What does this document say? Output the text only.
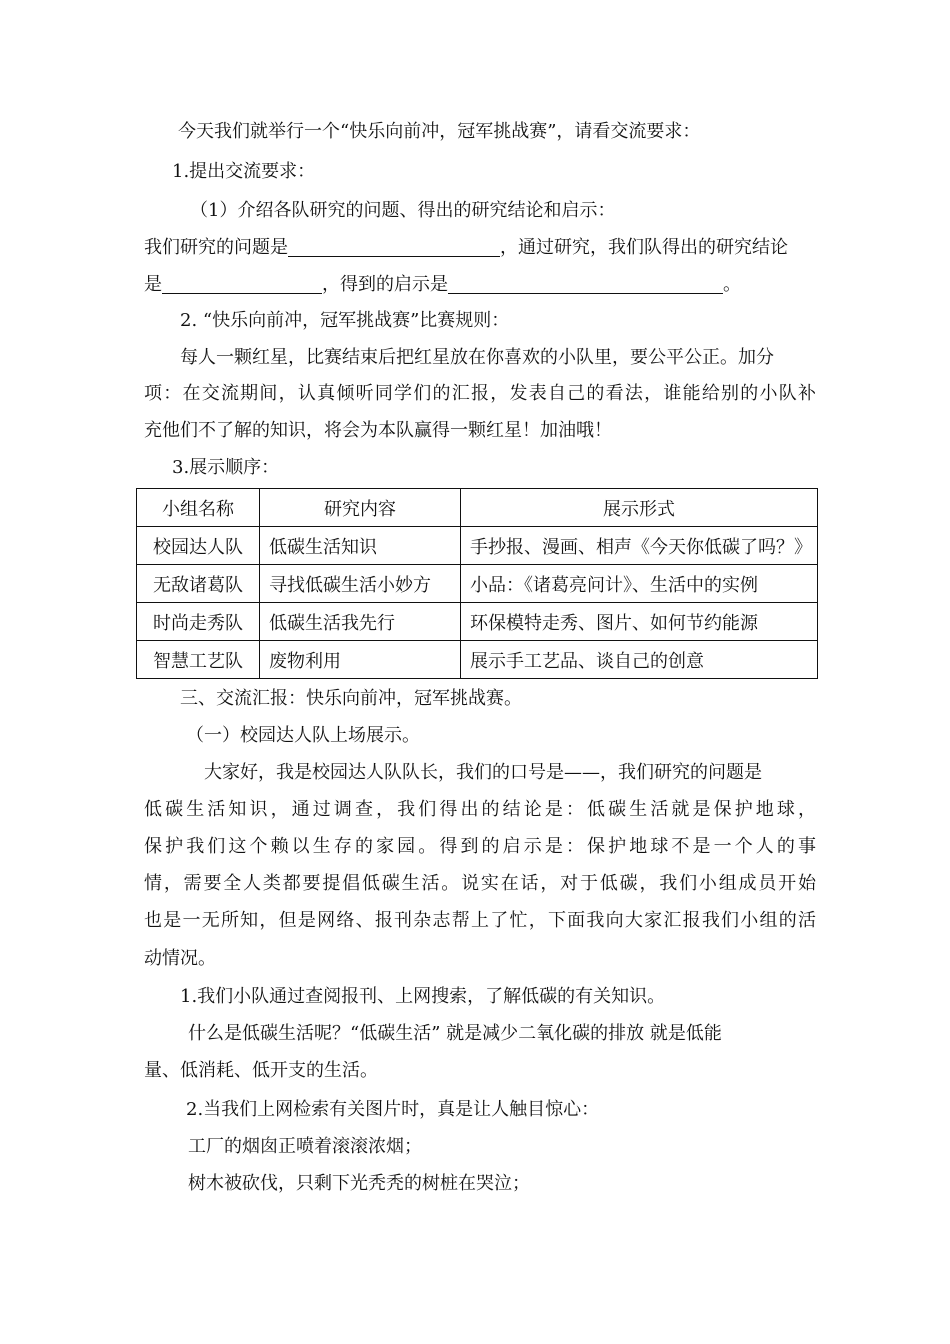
今天我们就举行一个“快乐向前冲，冠军挑战赛”，请看交流要求：
1.提出交流要求：
（1）介绍各队研究的问题、得出的研究结论和启示：
我们研究的问题是	，通过研究，我们队得出的研究结论
是	，得到的启示是	。
2. “快乐向前冲，冠军挑战赛”比赛规则：
每人一颗红星，比赛结束后把红星放在你喜欢的小队里，要公平公正。加分
项：在交流期间，认真倾听同学们的汇报，发表自己的看法，谁能给别的小队补
充他们不了解的知识，将会为本队赢得一颗红星！加油哦！
3.展示顺序：
小组名称	研究内容	展示形式
校园达人队	低碳生活知识	手抄报、漫画、相声《今天你低碳了吗？》
无敌诸葛队	寻找低碳生活小妙方	小品：《诸葛亮问计》、生活中的实例
时尚走秀队	低碳生活我先行	环保模特走秀、图片、如何节约能源
智慧工艺队	废物利用	展示手工艺品、谈自己的创意
三、交流汇报：快乐向前冲，冠军挑战赛。
（一）校园达人队上场展示。
大家好，我是校园达人队队长，我们的口号是——，我们研究的问题是
低碳生活知识，通过调查，我们得出的结论是：低碳生活就是保护地球，
保护我们这个赖以生存的家园。得到的启示是：保护地球不是一个人的事
情，需要全人类都要提倡低碳生活。说实在话，对于低碳，我们小组成员开始
也是一无所知，但是网络、报刊杂志帮上了忙，下面我向大家汇报我们小组的活
动情况。
1.我们小队通过查阅报刊、上网搜索，了解低碳的有关知识。
什么是低碳生活呢？“低碳生活” 就是减少二氧化碳的排放 就是低能
量、低消耗、低开支的生活。
2.当我们上网检索有关图片时，真是让人触目惊心：
工厂的烟囱正喷着滚滚浓烟；
树木被砍伐，只剩下光秃秃的树桩在哭泣；
